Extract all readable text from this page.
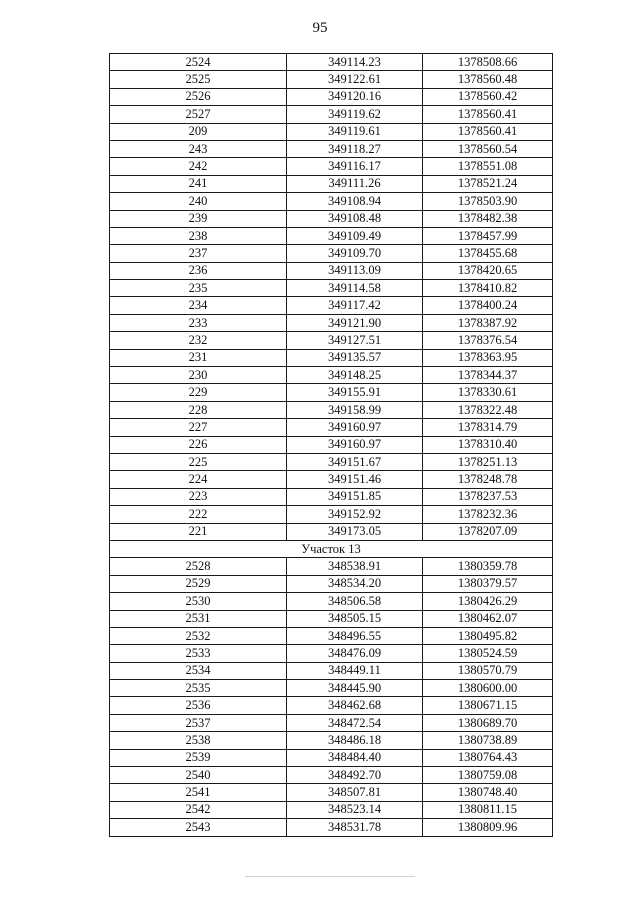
95
2524	349114.23	1378508.66
2525	349122.61	1378560.48
2526	349120.16	1378560.42
2527	349119.62	1378560.41
209	349119.61	1378560.41
243	349118.27	1378560.54
242	349116.17	1378551.08
241	349111.26	1378521.24
240	349108.94	1378503.90
239	349108.48	1378482.38
238	349109.49	1378457.99
237	349109.70	1378455.68
236	349113.09	1378420.65
235	349114.58	1378410.82
234	349117.42	1378400.24
233	349121.90	1378387.92
232	349127.51	1378376.54
231	349135.57	1378363.95
230	349148.25	1378344.37
229	349155.91	1378330.61
228	349158.99	1378322.48
227	349160.97	1378314.79
226	349160.97	1378310.40
225	349151.67	1378251.13
224	349151.46	1378248.78
223	349151.85	1378237.53
222	349152.92	1378232.36
221	349173.05	1378207.09
Участок 13		
2528	348538.91	1380359.78
2529	348534.20	1380379.57
2530	348506.58	1380426.29
2531	348505.15	1380462.07
2532	348496.55	1380495.82
2533	348476.09	1380524.59
2534	348449.11	1380570.79
2535	348445.90	1380600.00
2536	348462.68	1380671.15
2537	348472.54	1380689.70
2538	348486.18	1380738.89
2539	348484.40	1380764.43
2540	348492.70	1380759.08
2541	348507.81	1380748.40
2542	348523.14	1380811.15
2543	348531.78	1380809.96
